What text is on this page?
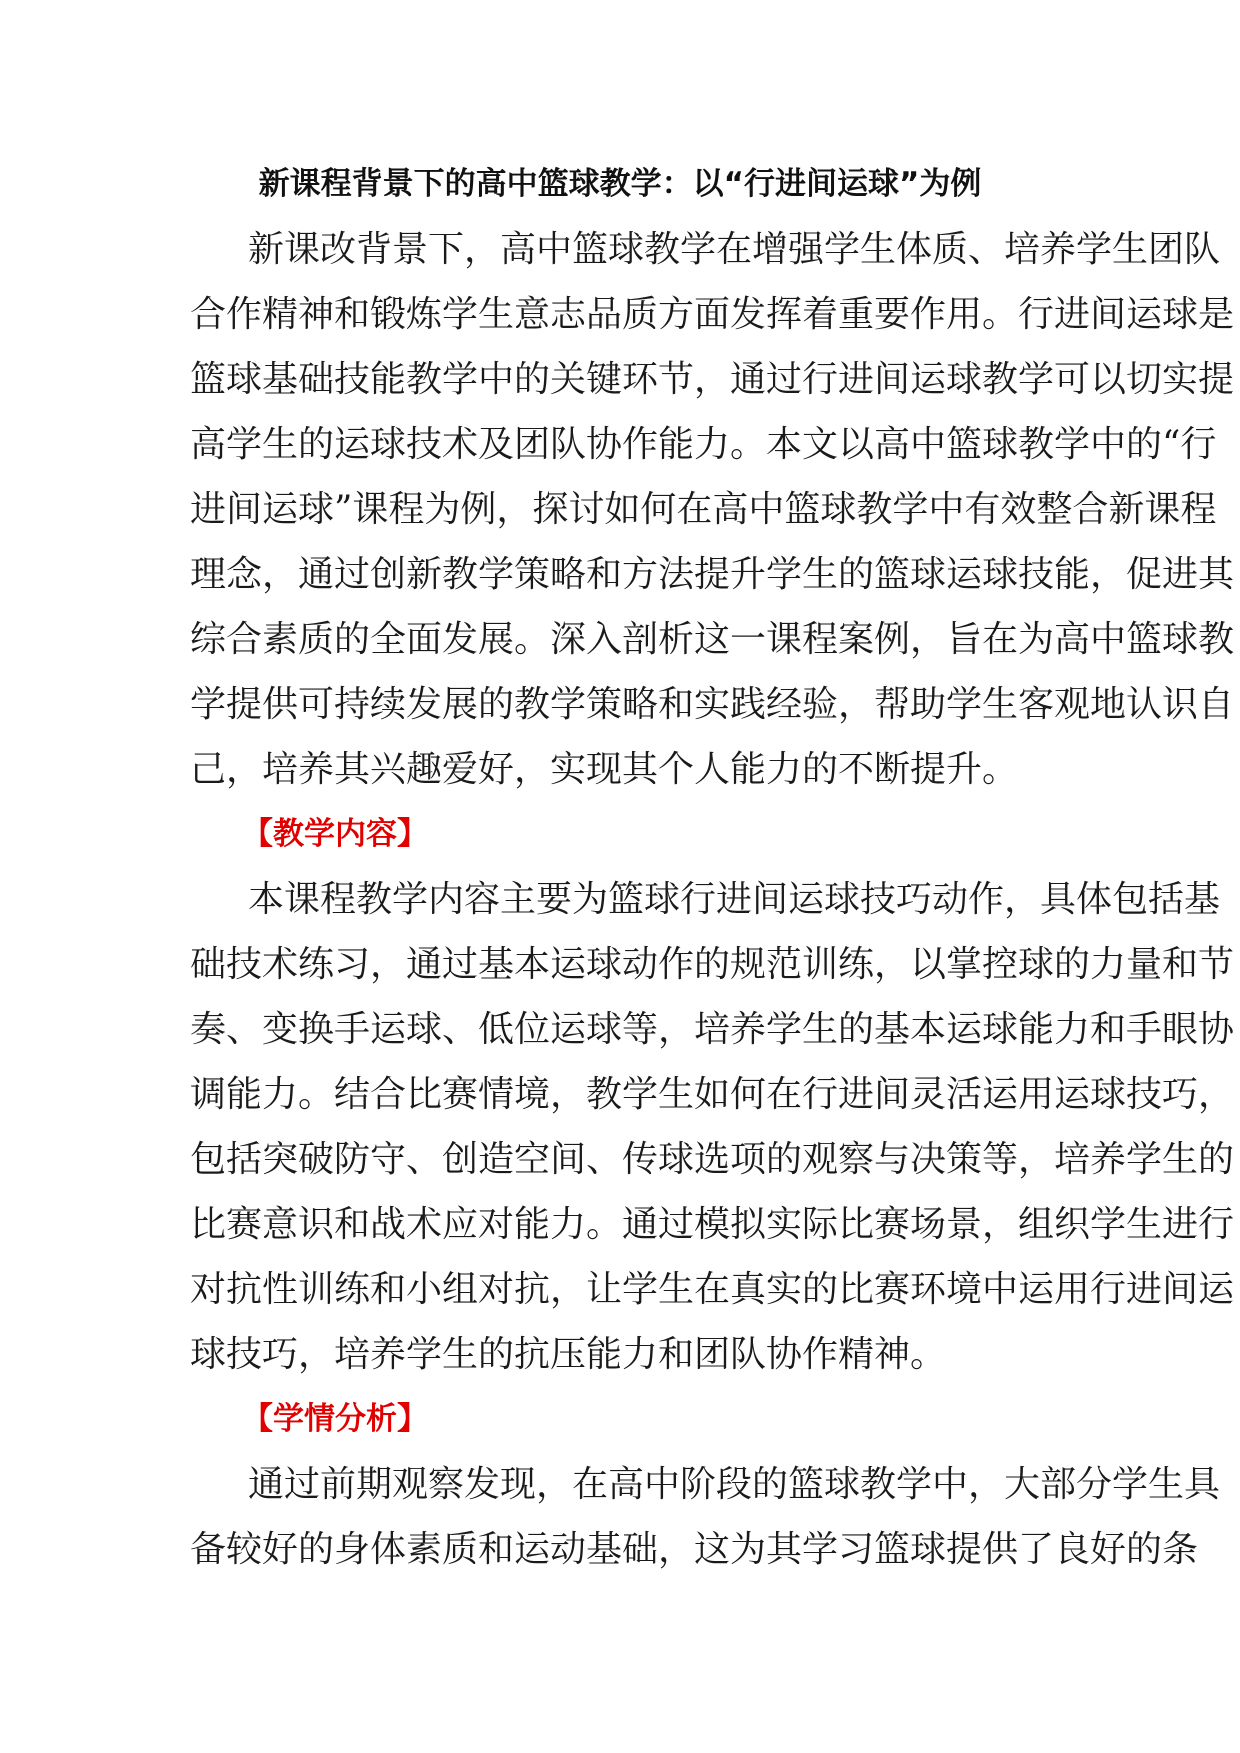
新课程背景下的高中篮球教学：以“行进间运球”为例
新课改背景下，高中篮球教学在增强学生体质、培养学生团队
合作精神和锻炼学生意志品质方面发挥着重要作用。行进间运球是
篮球基础技能教学中的关键环节，通过行进间运球教学可以切实提
高学生的运球技术及团队协作能力。本文以高中篮球教学中的“行
进间运球”课程为例，探讨如何在高中篮球教学中有效整合新课程
理念，通过创新教学策略和方法提升学生的篮球运球技能，促进其
综合素质的全面发展。深入剖析这一课程案例，旨在为高中篮球教
学提供可持续发展的教学策略和实践经验，帮助学生客观地认识自
己，培养其兴趣爱好，实现其个人能力的不断提升。
【教学内容】
本课程教学内容主要为篮球行进间运球技巧动作，具体包括基
础技术练习，通过基本运球动作的规范训练，以掌控球的力量和节
奏、变换手运球、低位运球等，培养学生的基本运球能力和手眼协
调能力。结合比赛情境，教学生如何在行进间灵活运用运球技巧，
包括突破防守、创造空间、传球选项的观察与决策等，培养学生的
比赛意识和战术应对能力。通过模拟实际比赛场景，组织学生进行
对抗性训练和小组对抗，让学生在真实的比赛环境中运用行进间运
球技巧，培养学生的抗压能力和团队协作精神。
【学情分析】
通过前期观察发现，在高中阶段的篮球教学中，大部分学生具
备较好的身体素质和运动基础，这为其学习篮球提供了良好的条
